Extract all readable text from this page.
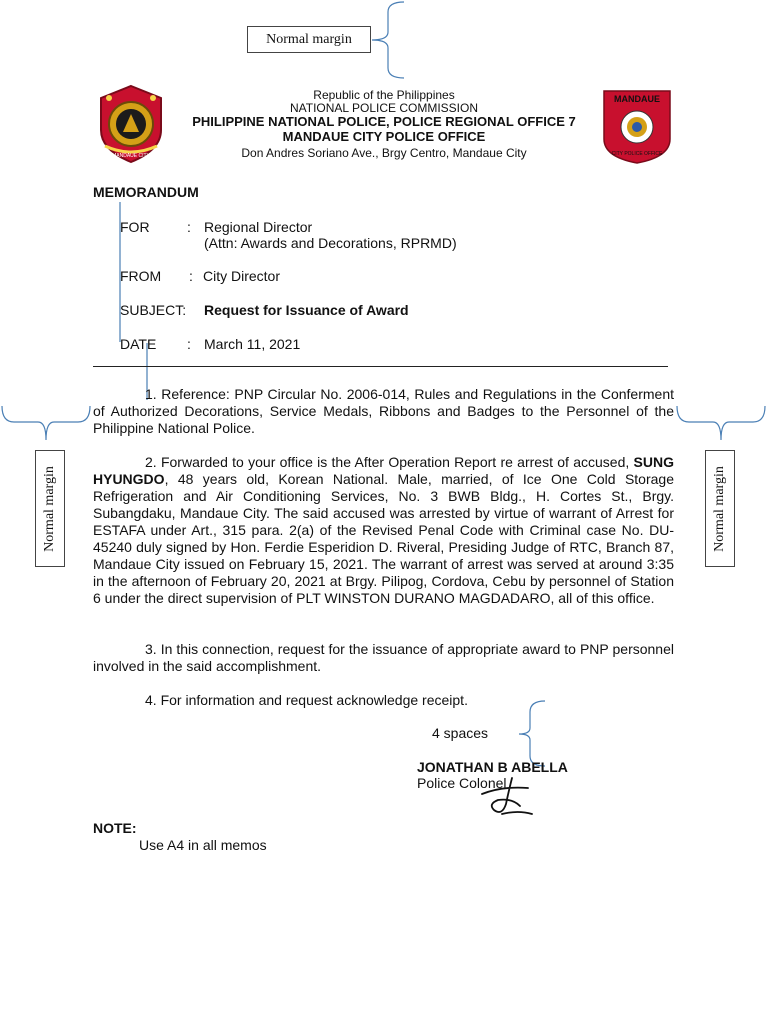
Normal margin
Normal margin	Normal margin
MANDAUE CITY
MANDAUE
CITY POLICE OFFICE
Republic of the Philippines
NATIONAL POLICE COMMISSION
PHILIPPINE NATIONAL POLICE, POLICE REGIONAL OFFICE 7
MANDAUE CITY POLICE OFFICE
Don Andres Soriano Ave., Brgy Centro, Mandaue City
MEMORANDUM
FOR	: Regional Director
(Attn: Awards and Decorations, RPRMD)
FROM : City Director
SUBJECT: Request for Issuance of Award
DATE : March 11, 2021

1. Reference: PNP Circular No. 2006-014, Rules and Regulations in the Conferment of Authorized Decorations, Service Medals, Ribbons and Badges to the Personnel of the Philippine National Police.

2. Forwarded to your office is the After Operation Report re arrest of accused, SUNG HYUNGDO, 48 years old, Korean National. Male, married, of Ice One Cold Storage Refrigeration and Air Conditioning Services, No. 3 BWB Bldg., H. Cortes St., Brgy. Subangdaku, Mandaue City. The said accused was arrested by virtue of warrant of Arrest for ESTAFA under Art., 315 para. 2(a) of the Revised Penal Code with Criminal case No. DU-45240 duly signed by Hon. Ferdie Esperidion D. Riveral, Presiding Judge of RTC, Branch 87, Mandaue City issued on February 15, 2021. The warrant of arrest was served at around 3:35 in the afternoon of February 20, 2021 at Brgy. Pilipog, Cordova, Cebu by personnel of Station 6 under the direct supervision of PLT WINSTON DURANO MAGDADARO, all of this office.

3. In this connection, request for the issuance of appropriate award to PNP personnel involved in the said accomplishment.

4. For information and request acknowledge receipt.

4 spaces
JONATHAN B ABELLA
Police Colonel
NOTE:
Use A4 in all memos
